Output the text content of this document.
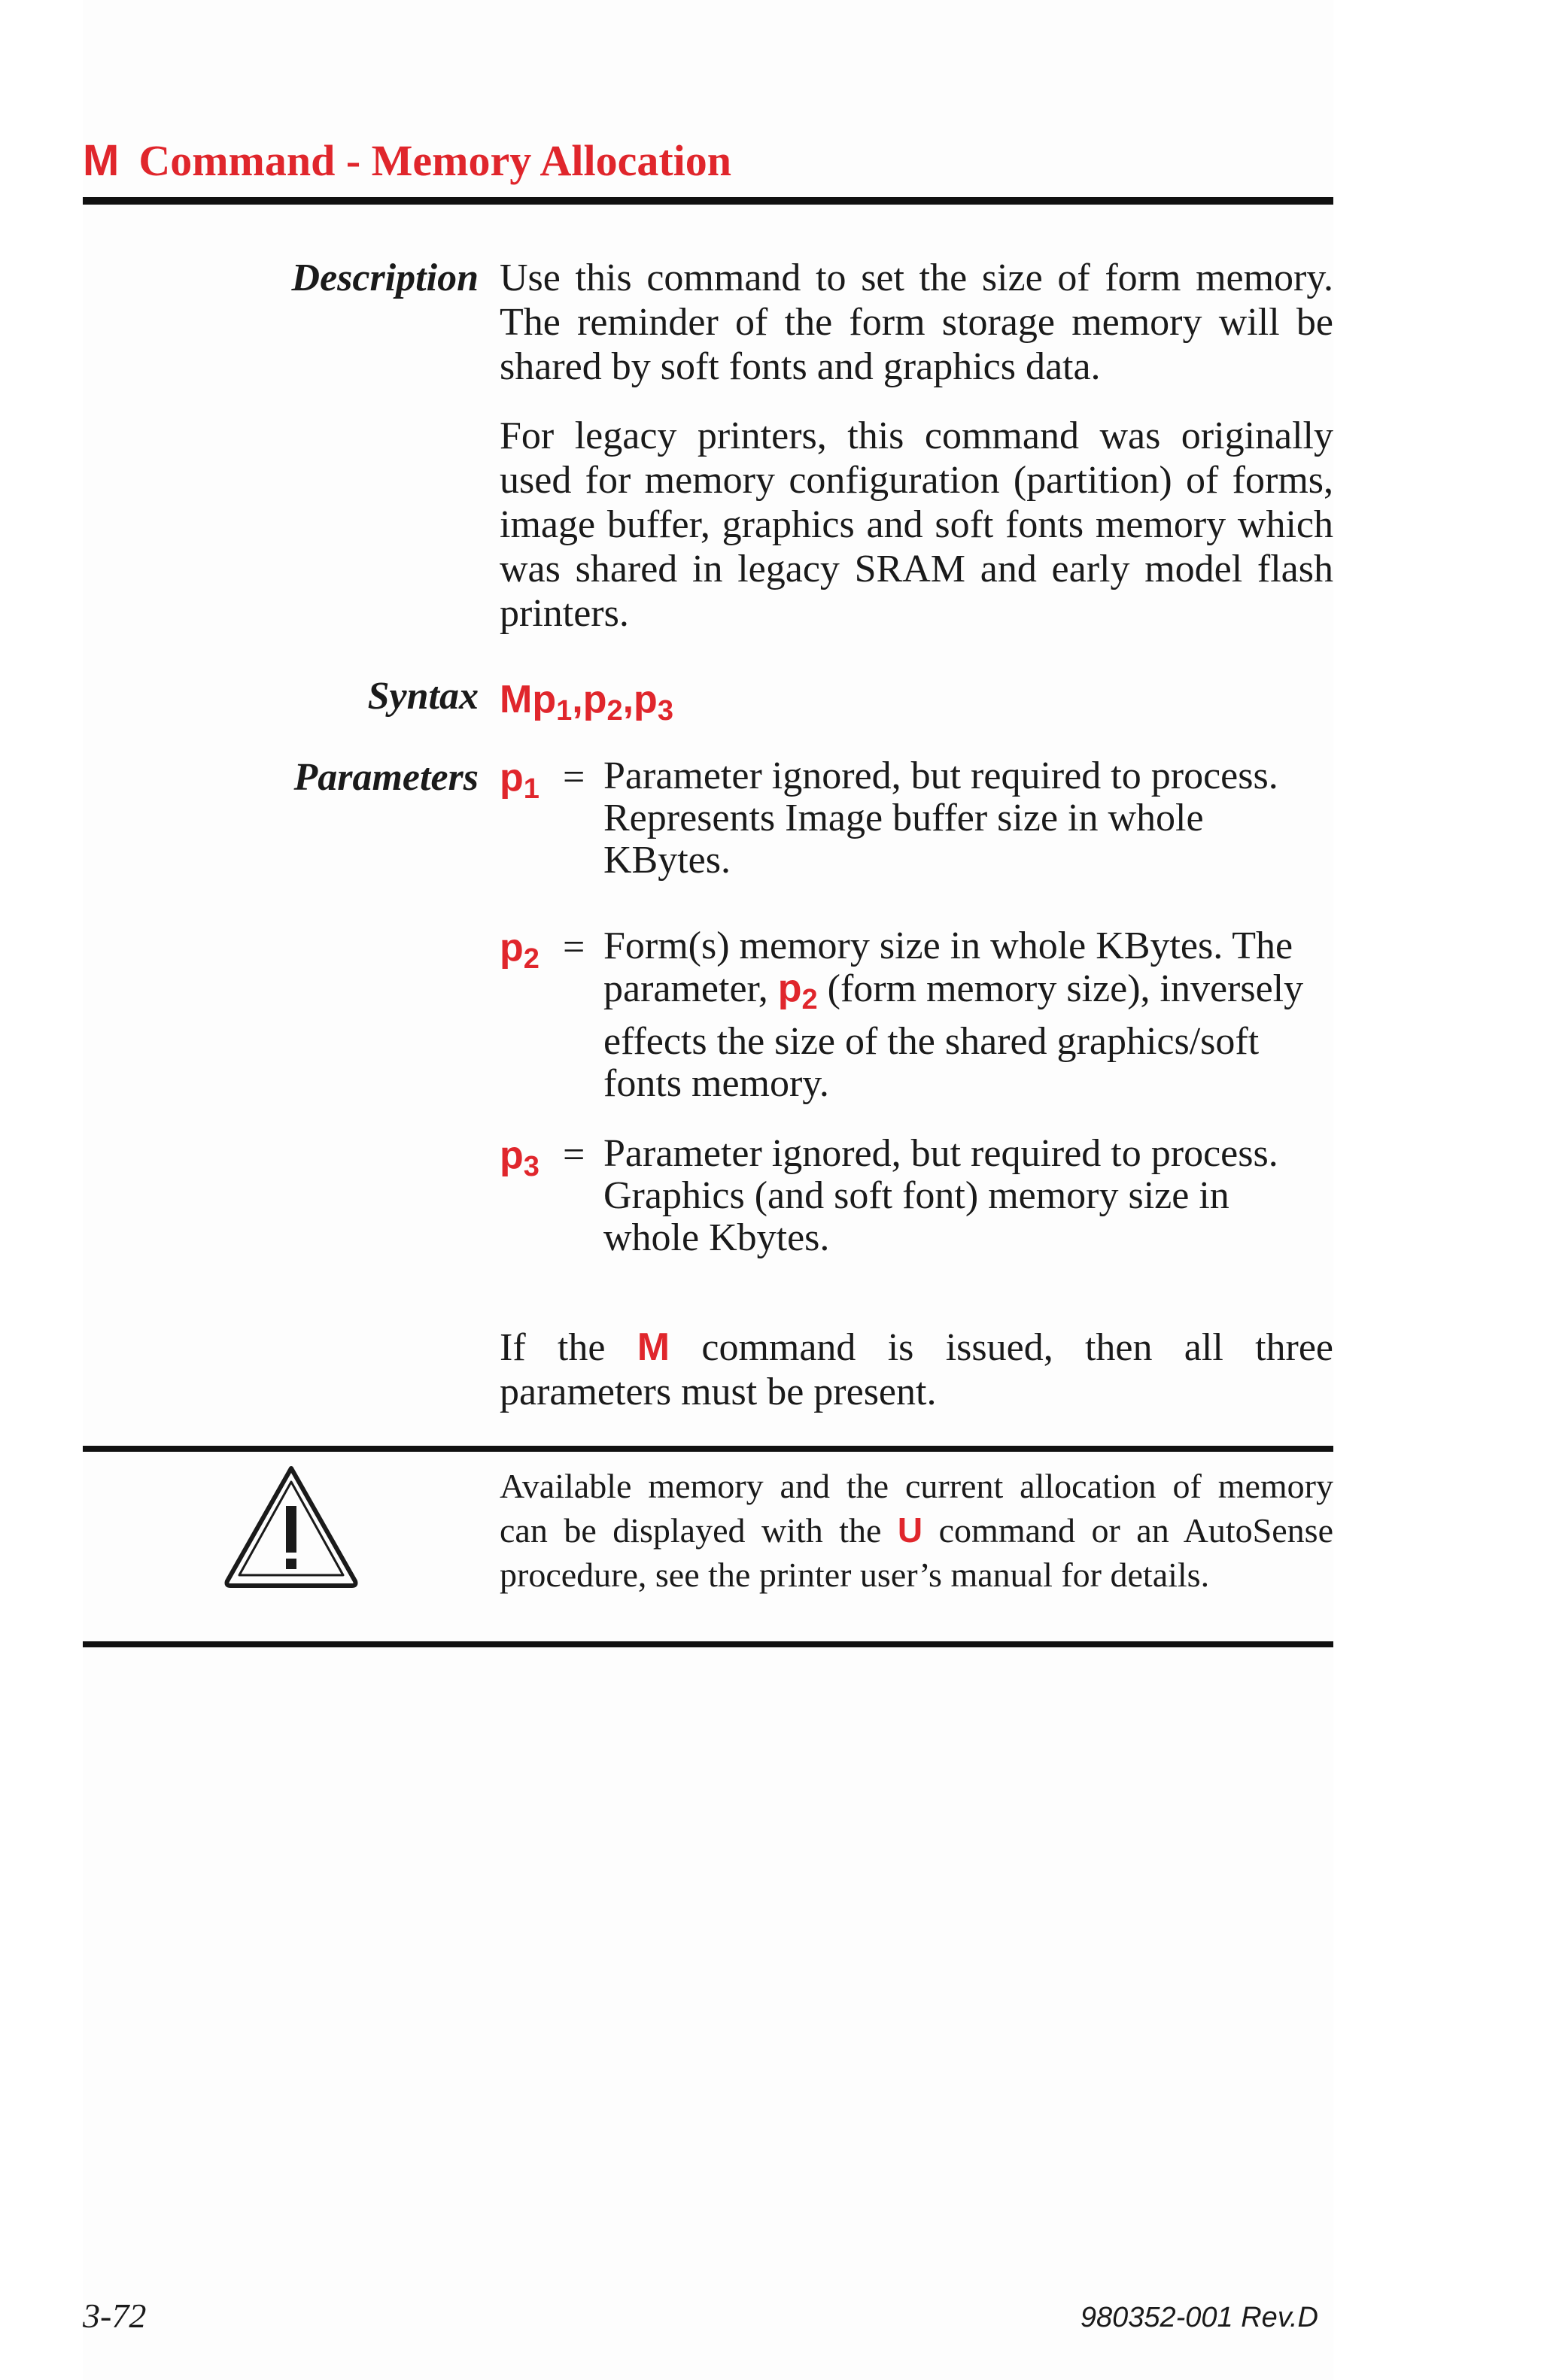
M Command - Memory Allocation
Description Use this command to set the size of form memory. The reminder of the form storage memory will be shared by soft fonts and graphics data.
For legacy printers, this command was originally used for memory configuration (partition) of forms, image buffer, graphics and soft fonts memory which was shared in legacy SRAM and early model flash printers.
Syntax $Mp_1,p_2,p_3$
Parameters $p_1$ = Parameter ignored, but required to process. Represents Image buffer size in whole KBytes.
$p_2$ = Form(s) memory size in whole KBytes. The parameter, $p_2$ (form memory size), inversely effects the size of the shared graphics/soft fonts memory.
$p_3$ = Parameter ignored, but required to process. Graphics (and soft font) memory size in whole Kbytes.
If the M command is issued, then all three parameters must be present.
Available memory and the current allocation of memory can be displayed with the U command or an AutoSense procedure, see the printer user’s manual for details.
3-72	980352-001 Rev.D
